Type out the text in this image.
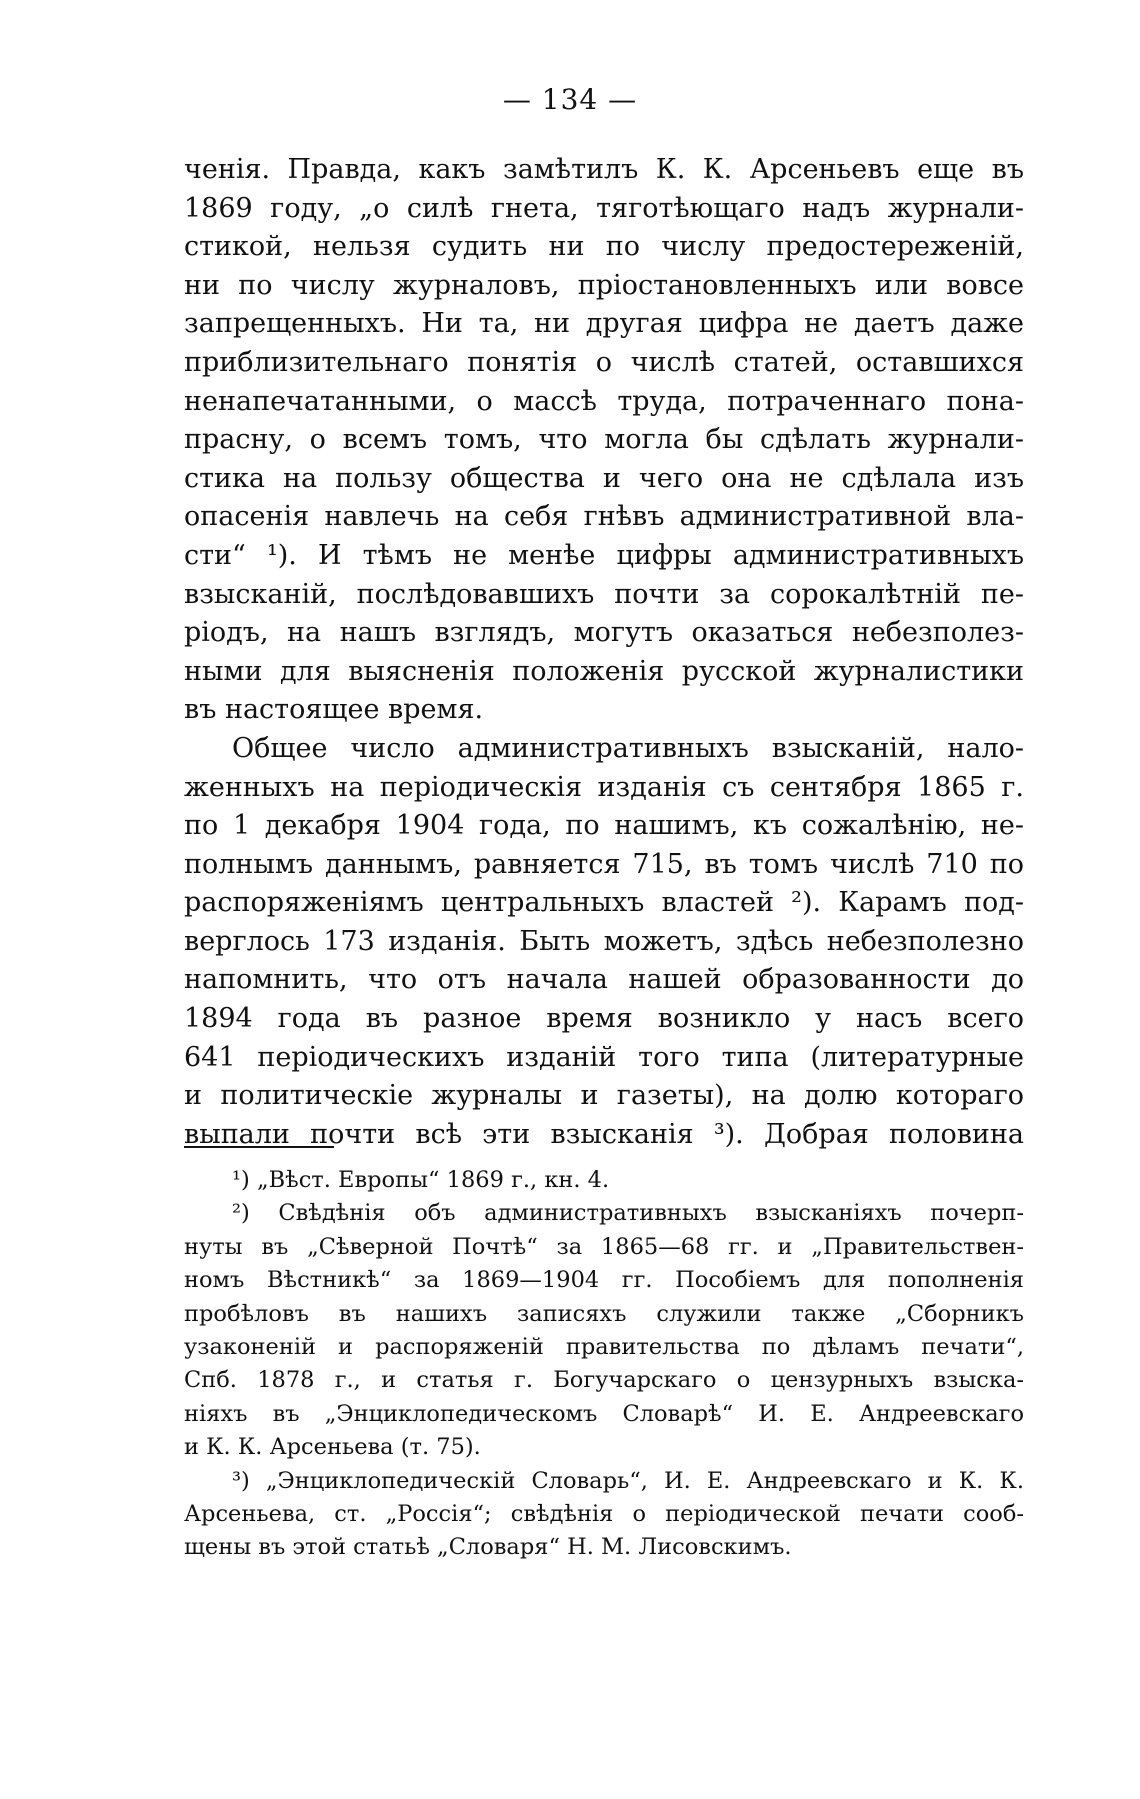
— 134 —
ченія. Правда, какъ замѣтилъ К. К. Арсеньевъ еще въ
1869 году, „о силѣ гнета, тяготѣющаго надъ журнали-
стикой, нельзя судить ни по числу предостереженій,
ни по числу журналовъ, пріостановленныхъ или вовсе
запрещенныхъ. Ни та, ни другая цифра не даетъ даже
приблизительнаго понятія о числѣ статей, оставшихся
ненапечатанными, о массѣ труда, потраченнаго пона-
прасну, о всемъ томъ, что могла бы сдѣлать журнали-
стика на пользу общества и чего она не сдѣлала изъ
опасенія навлечь на себя гнѣвъ административной вла-
сти“ ¹). И тѣмъ не менѣе цифры административныхъ
взысканій, послѣдовавшихъ почти за сорокалѣтній пе-
ріодъ, на нашъ взглядъ, могутъ оказаться небезполез-
ными для выясненія положенія русской журналистики
въ настоящее время.
Общее число административныхъ взысканій, нало-
женныхъ на періодическія изданія съ сентября 1865 г.
по 1 декабря 1904 года, по нашимъ, къ сожалѣнію, не-
полнымъ даннымъ, равняется 715, въ томъ числѣ 710 по
распоряженіямъ центральныхъ властей ²). Карамъ под-
верглось 173 изданія. Быть можетъ, здѣсь небезполезно
напомнить, что отъ начала нашей образованности до
1894 года въ разное время возникло у насъ всего
641 періодическихъ изданій того типа (литературные
и политическіе журналы и газеты), на долю котораго
выпали почти всѣ эти взысканія ³). Добрая половина
¹) „Вѣст. Европы“ 1869 г., кн. 4.
²) Свѣдѣнія объ административныхъ взысканіяхъ почерп-
нуты въ „Сѣверной Почтѣ“ за 1865—68 гг. и „Правительствен-
номъ Вѣстникѣ“ за 1869—1904 гг. Пособіемъ для пополненія
пробѣловъ въ нашихъ записяхъ служили также „Сборникъ
узаконеній и распоряженій правительства по дѣламъ печати“,
Спб. 1878 г., и статья г. Богучарскаго о цензурныхъ взыска-
ніяхъ въ „Энциклопедическомъ Словарѣ“ И. Е. Андреевскаго
и К. К. Арсеньева (т. 75).
³) „Энциклопедическій Словарь“, И. Е. Андреевскаго и К. К.
Арсеньева, ст. „Россія“; свѣдѣнія о періодической печати сооб-
щены въ этой статьѣ „Словаря“ Н. М. Лисовскимъ.
